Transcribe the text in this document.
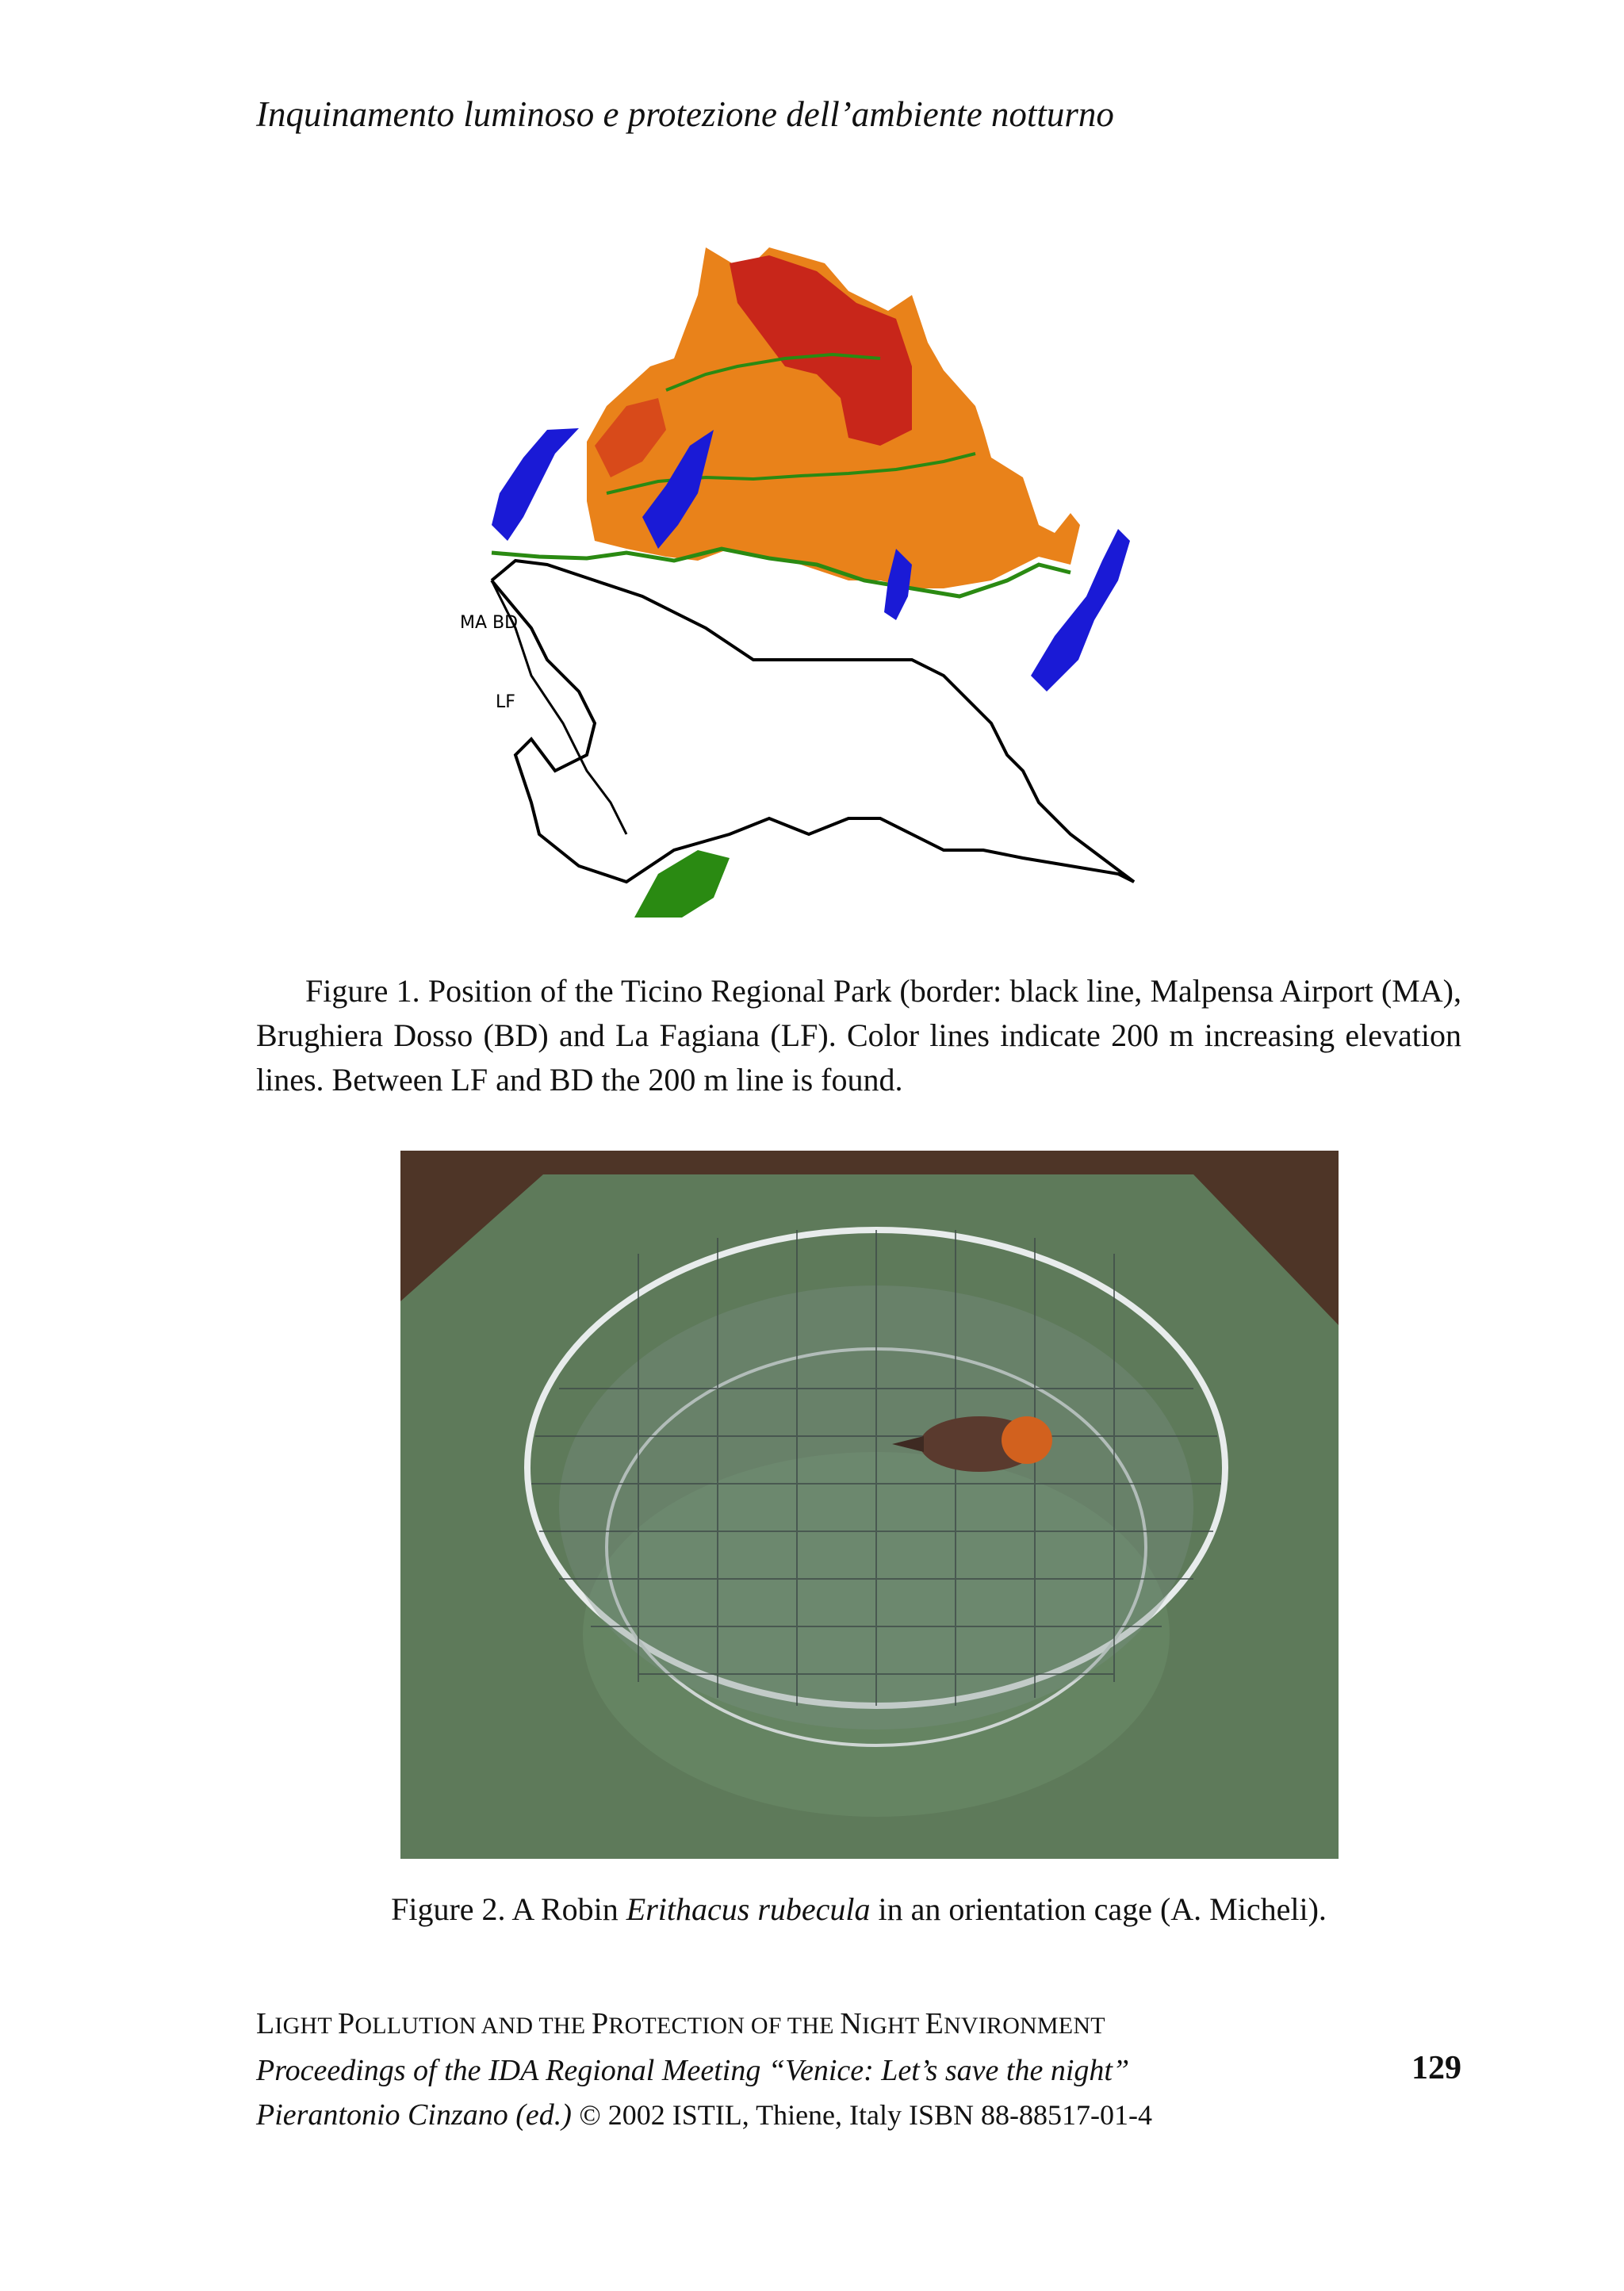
Inquinamento luminoso e protezione dell’ambiente notturno
MA BD
LF
Figure 1. Position of the Ticino Regional Park (border: black line, Malpensa Airport (MA), Brughiera Dosso (BD) and La Fagiana (LF). Color lines indicate 200 m increasing elevation lines. Between LF and BD the 200 m line is found.
Figure 2. A Robin Erithacus rubecula in an orientation cage (A. Micheli).
LIGHT POLLUTION AND THE PROTECTION OF THE NIGHT ENVIRONMENT
Proceedings of the IDA Regional Meeting “Venice: Let’s save the night”
Pierantonio Cinzano (ed.) © 2002 ISTIL, Thiene, Italy ISBN 88-88517-01-4
129
